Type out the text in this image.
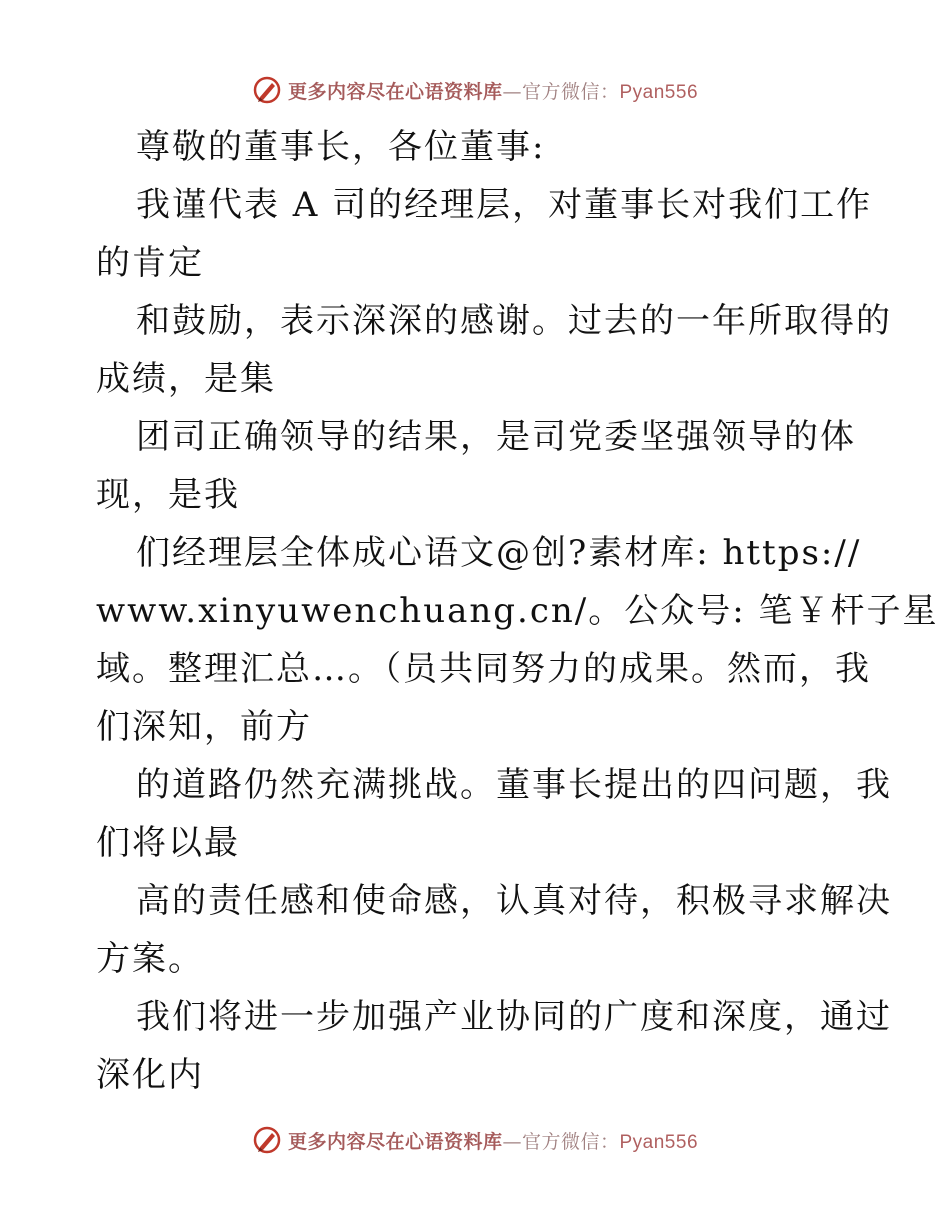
更多内容尽在心语资料库—官方微信：Pyan556
尊敬的董事长，各位董事:
我谨代表 A 司的经理层，对董事长对我们工作
的肯定
和鼓励，表示深深的感谢。过去的一年所取得的
成绩，是集
团司正确领导的结果，是司党委坚强领导的体
现，是我
们经理层全体成心语文@创?素材库: https://
www.xinyuwenchuang.cn/。公众号: 笔￥杆子星
域。整理汇总…。（员共同努力的成果。然而，我
们深知，前方
的道路仍然充满挑战。董事长提出的四问题，我
们将以最
高的责任感和使命感，认真对待，积极寻求解决
方案。
我们将进一步加强产业协同的广度和深度，通过
深化内
更多内容尽在心语资料库—官方微信：Pyan556
